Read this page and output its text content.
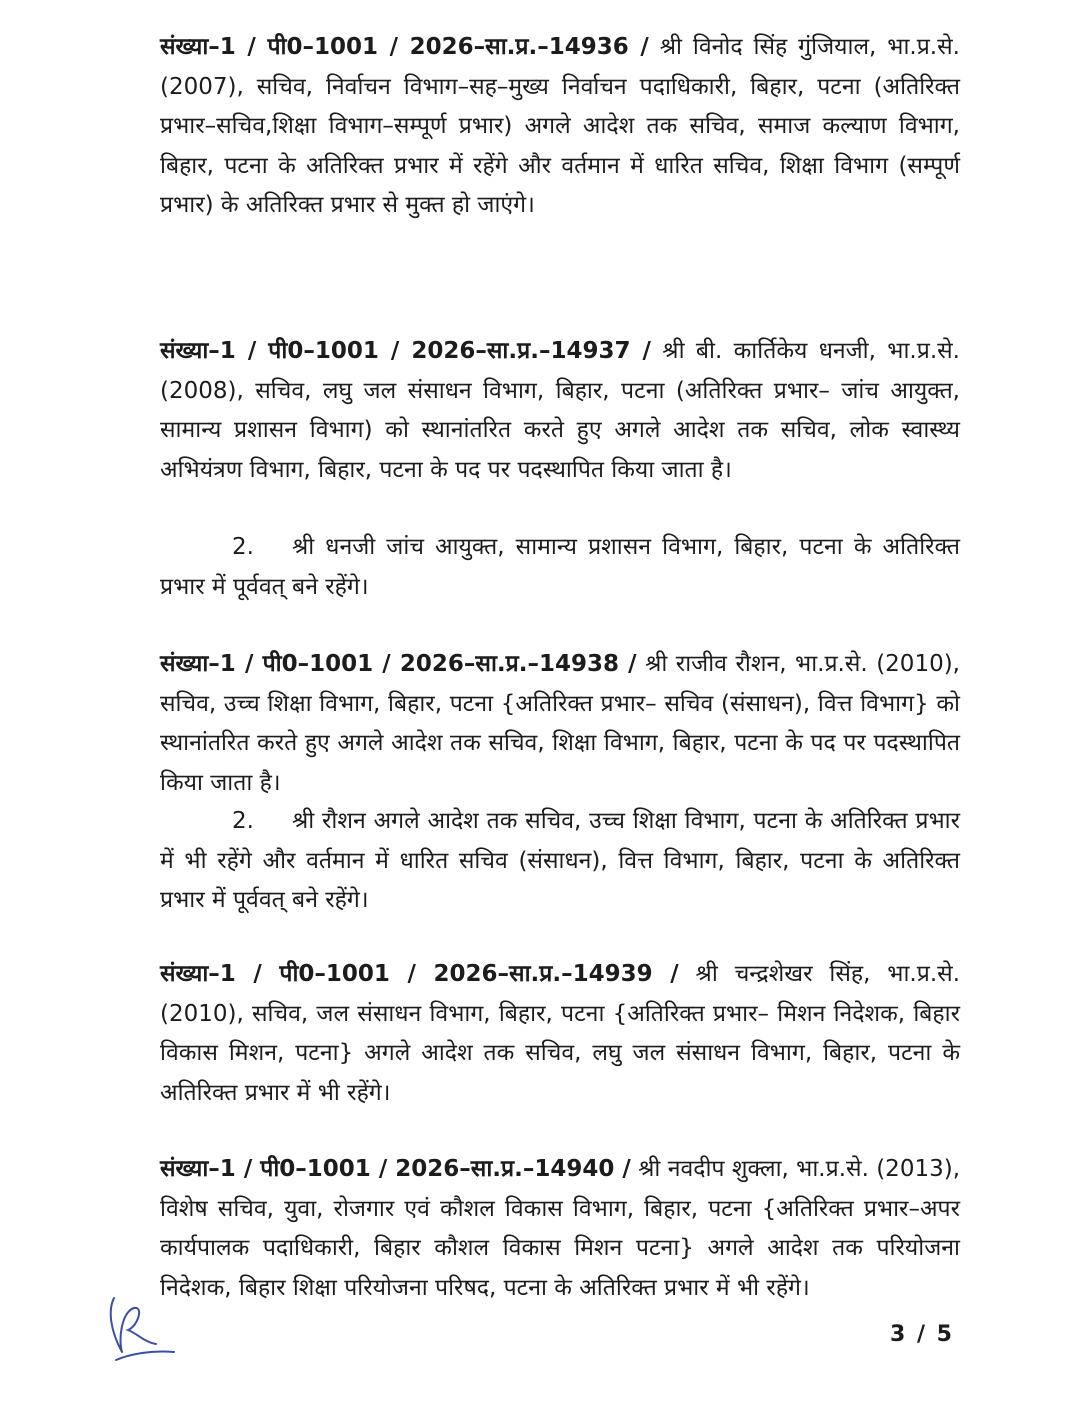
संख्या–1 / पी0–1001 / 2026–सा.प्र.–14936 / श्री विनोद सिंह गुंजियाल, भा.प्र.से.(2007), सचिव, निर्वाचन विभाग–सह–मुख्य निर्वाचन पदाधिकारी, बिहार, पटना (अतिरिक्त प्रभार–सचिव,शिक्षा विभाग–सम्पूर्ण प्रभार) अगले आदेश तक सचिव, समाज कल्याण विभाग, बिहार, पटना के अतिरिक्त प्रभार में रहेंगे और वर्तमान में धारित सचिव, शिक्षा विभाग (सम्पूर्ण प्रभार) के अतिरिक्त प्रभार से मुक्त हो जाएंगे।

संख्या–1 / पी0–1001 / 2026–सा.प्र.–14937 / श्री बी. कार्तिकेय धनजी, भा.प्र.से. (2008), सचिव, लघु जल संसाधन विभाग, बिहार, पटना (अतिरिक्त प्रभार– जांच आयुक्त, सामान्य प्रशासन विभाग) को स्थानांतरित करते हुए अगले आदेश तक सचिव, लोक स्वास्थ्य अभियंत्रण विभाग, बिहार, पटना के पद पर पदस्थापित किया जाता है।

2. श्री धनजी जांच आयुक्त, सामान्य प्रशासन विभाग, बिहार, पटना के अतिरिक्त प्रभार में पूर्ववत् बने रहेंगे।

संख्या–1 / पी0–1001 / 2026–सा.प्र.–14938 / श्री राजीव रौशन, भा.प्र.से. (2010), सचिव, उच्च शिक्षा विभाग, बिहार, पटना {अतिरिक्त प्रभार– सचिव (संसाधन), वित्त विभाग} को स्थानांतरित करते हुए अगले आदेश तक सचिव, शिक्षा विभाग, बिहार, पटना के पद पर पदस्थापित किया जाता है।

2. श्री रौशन अगले आदेश तक सचिव, उच्च शिक्षा विभाग, पटना के अतिरिक्त प्रभार में भी रहेंगे और वर्तमान में धारित सचिव (संसाधन), वित्त विभाग, बिहार, पटना के अतिरिक्त प्रभार में पूर्ववत् बने रहेंगे।

संख्या–1 / पी0–1001 / 2026–सा.प्र.–14939 / श्री चन्द्रशेखर सिंह, भा.प्र.से. (2010), सचिव, जल संसाधन विभाग, बिहार, पटना {अतिरिक्त प्रभार– मिशन निदेशक, बिहार विकास मिशन, पटना} अगले आदेश तक सचिव, लघु जल संसाधन विभाग, बिहार, पटना के अतिरिक्त प्रभार में भी रहेंगे।

संख्या–1 / पी0–1001 / 2026–सा.प्र.–14940 / श्री नवदीप शुक्ला, भा.प्र.से. (2013), विशेष सचिव, युवा, रोजगार एवं कौशल विकास विभाग, बिहार, पटना {अतिरिक्त प्रभार–अपर कार्यपालक पदाधिकारी, बिहार कौशल विकास मिशन पटना} अगले आदेश तक परियोजना निदेशक, बिहार शिक्षा परियोजना परिषद, पटना के अतिरिक्त प्रभार में भी रहेंगे।

3 / 5
